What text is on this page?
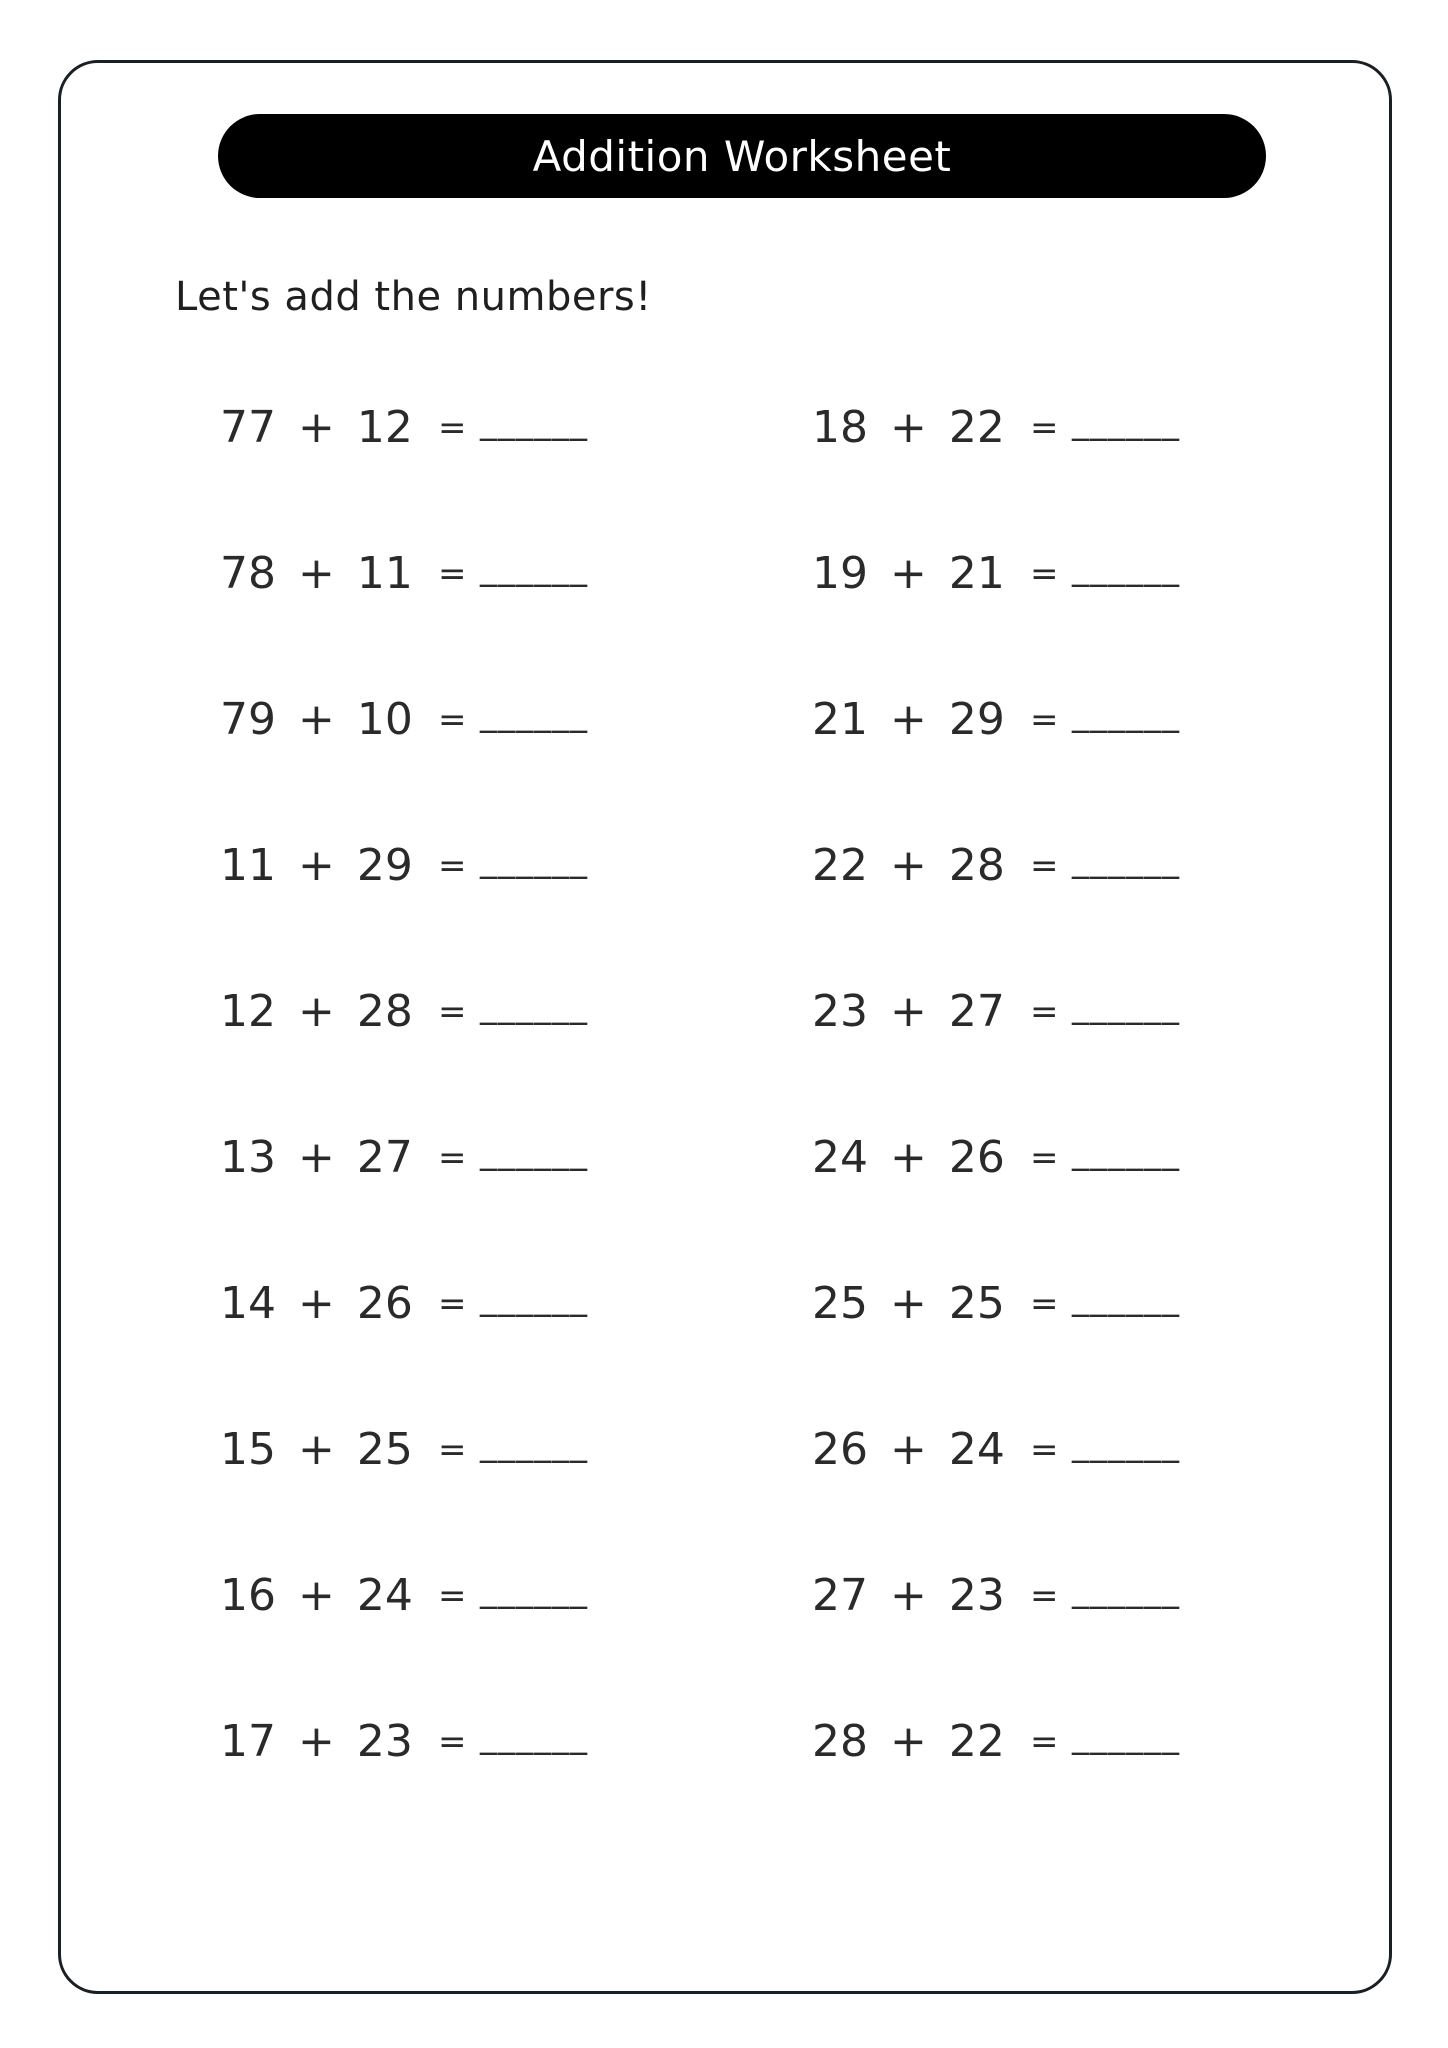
Addition Worksheet
Let's add the numbers!
77 + 12 = ______
78 + 11 = ______
79 + 10 = ______
11 + 29 = ______
12 + 28 = ______
13 + 27 = ______
14 + 26 = ______
15 + 25 = ______
16 + 24 = ______
17 + 23 = ______
18 + 22 = ______
19 + 21 = ______
21 + 29 = ______
22 + 28 = ______
23 + 27 = ______
24 + 26 = ______
25 + 25 = ______
26 + 24 = ______
27 + 23 = ______
28 + 22 = ______
